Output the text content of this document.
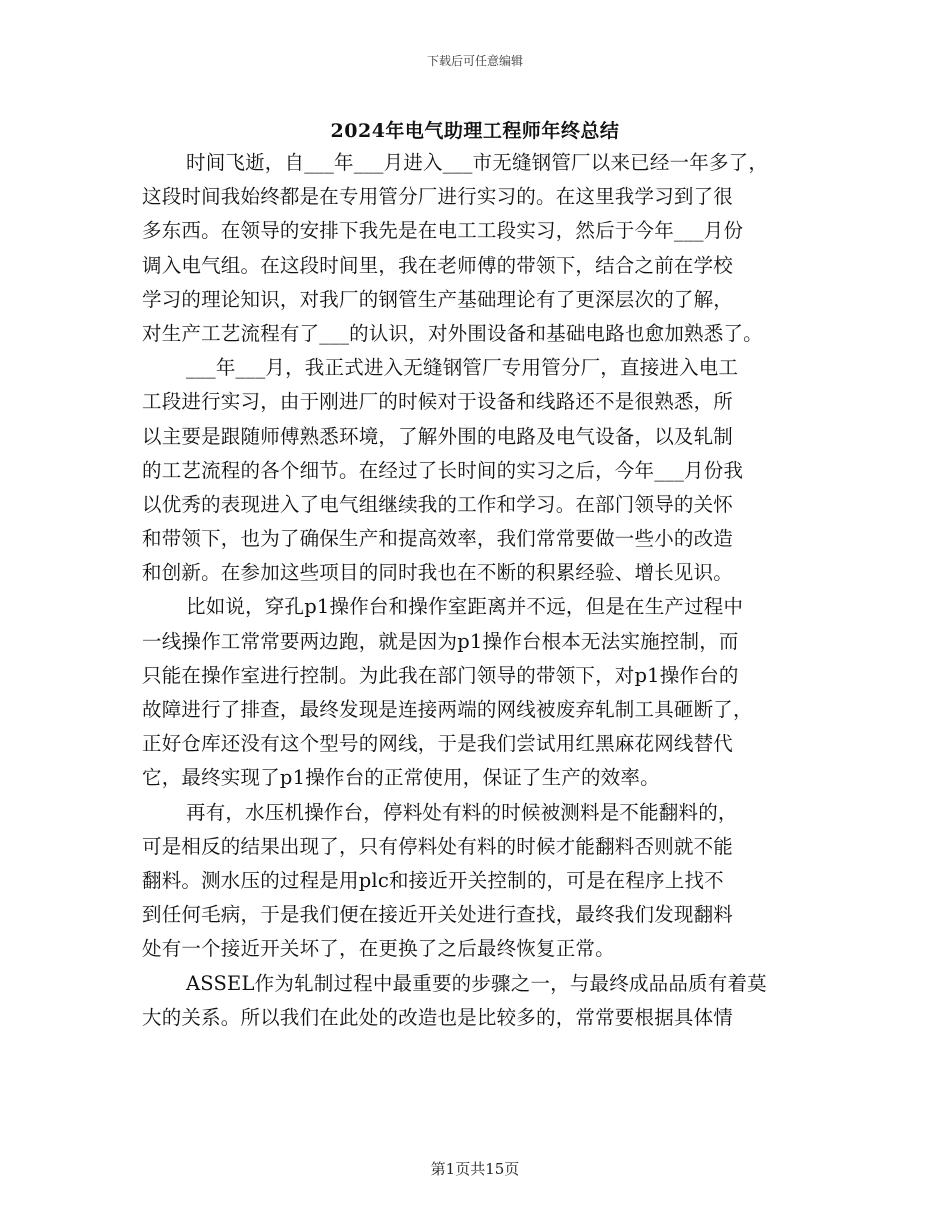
下载后可任意编辑
2024年电气助理工程师年终总结
时间飞逝，自___年___月进入___市无缝钢管厂以来已经一年多了，
这段时间我始终都是在专用管分厂进行实习的。在这里我学习到了很
多东西。在领导的安排下我先是在电工工段实习，然后于今年___月份
调入电气组。在这段时间里，我在老师傅的带领下，结合之前在学校
学习的理论知识，对我厂的钢管生产基础理论有了更深层次的了解，
对生产工艺流程有了___的认识，对外围设备和基础电路也愈加熟悉了。
___年___月，我正式进入无缝钢管厂专用管分厂，直接进入电工
工段进行实习，由于刚进厂的时候对于设备和线路还不是很熟悉，所
以主要是跟随师傅熟悉环境，了解外围的电路及电气设备，以及轧制
的工艺流程的各个细节。在经过了长时间的实习之后，今年___月份我
以优秀的表现进入了电气组继续我的工作和学习。在部门领导的关怀
和带领下，也为了确保生产和提高效率，我们常常要做一些小的改造
和创新。在参加这些项目的同时我也在不断的积累经验、增长见识。
比如说，穿孔p1操作台和操作室距离并不远，但是在生产过程中
一线操作工常常要两边跑，就是因为p1操作台根本无法实施控制，而
只能在操作室进行控制。为此我在部门领导的带领下，对p1操作台的
故障进行了排查，最终发现是连接两端的网线被废弃轧制工具砸断了，
正好仓库还没有这个型号的网线，于是我们尝试用红黑麻花网线替代
它，最终实现了p1操作台的正常使用，保证了生产的效率。
再有，水压机操作台，停料处有料的时候被测料是不能翻料的，
可是相反的结果出现了，只有停料处有料的时候才能翻料否则就不能
翻料。测水压的过程是用plc和接近开关控制的，可是在程序上找不
到任何毛病，于是我们便在接近开关处进行查找，最终我们发现翻料
处有一个接近开关坏了，在更换了之后最终恢复正常。
ASSEL作为轧制过程中最重要的步骤之一，与最终成品品质有着莫
大的关系。所以我们在此处的改造也是比较多的，常常要根据具体情
第1页共15页
